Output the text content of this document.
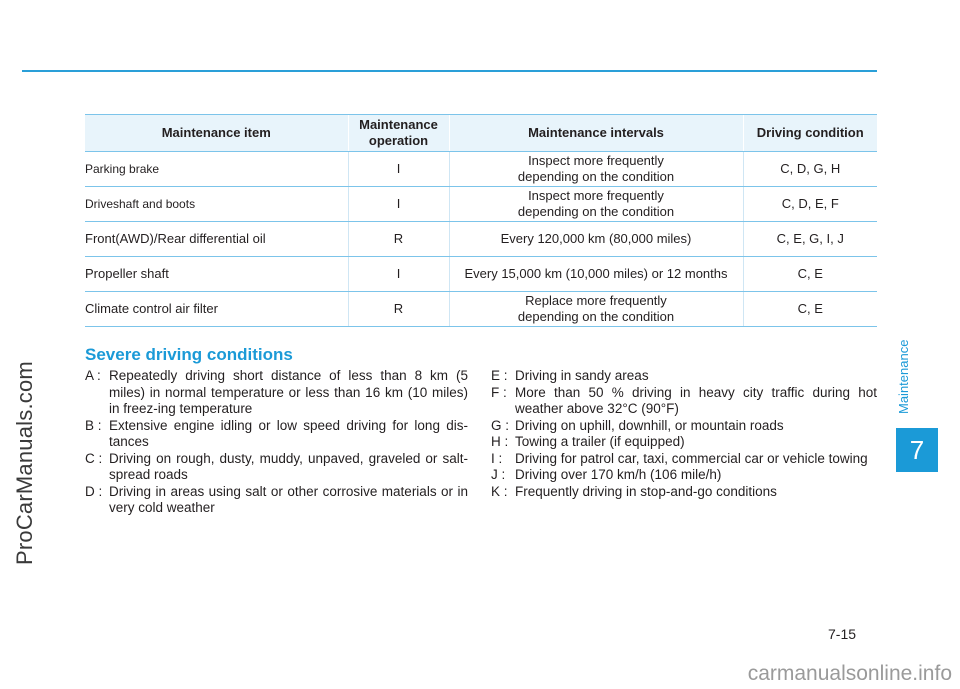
Maintenance item	Maintenance operation	Maintenance intervals	Driving condition
Parking brake	I	Inspect more frequently depending on the condition	C, D, G, H
Driveshaft and boots	I	Inspect more frequently depending on the condition	C, D, E, F
Front(AWD)/Rear differential oil	R	Every 120,000 km (80,000 miles)	C, E, G, I, J
Propeller shaft	I	Every 15,000 km (10,000 miles) or 12 months	C, E
Climate control air filter	R	Replace more frequently depending on the condition	C, E
Severe driving conditions
A : Repeatedly driving short distance of less than 8 km (5 miles) in normal temperature or less than 16 km (10 miles) in freez-ing temperature
B : Extensive engine idling or low speed driving for long dis-tances
C : Driving on rough, dusty, muddy, unpaved, graveled or salt-spread roads
D : Driving in areas using salt or other corrosive materials or in very cold weather
E : Driving in sandy areas
F : More than 50 % driving in heavy city traffic during hot weather above 32°C (90°F)
G : Driving on uphill, downhill, or mountain roads
H : Towing a trailer (if equipped)
I : Driving for patrol car, taxi, commercial car or vehicle towing
J : Driving over 170 km/h (106 mile/h)
K : Frequently driving in stop-and-go conditions
Maintenance
7
7-15
ProCarManuals.com
carmanualsonline.info
